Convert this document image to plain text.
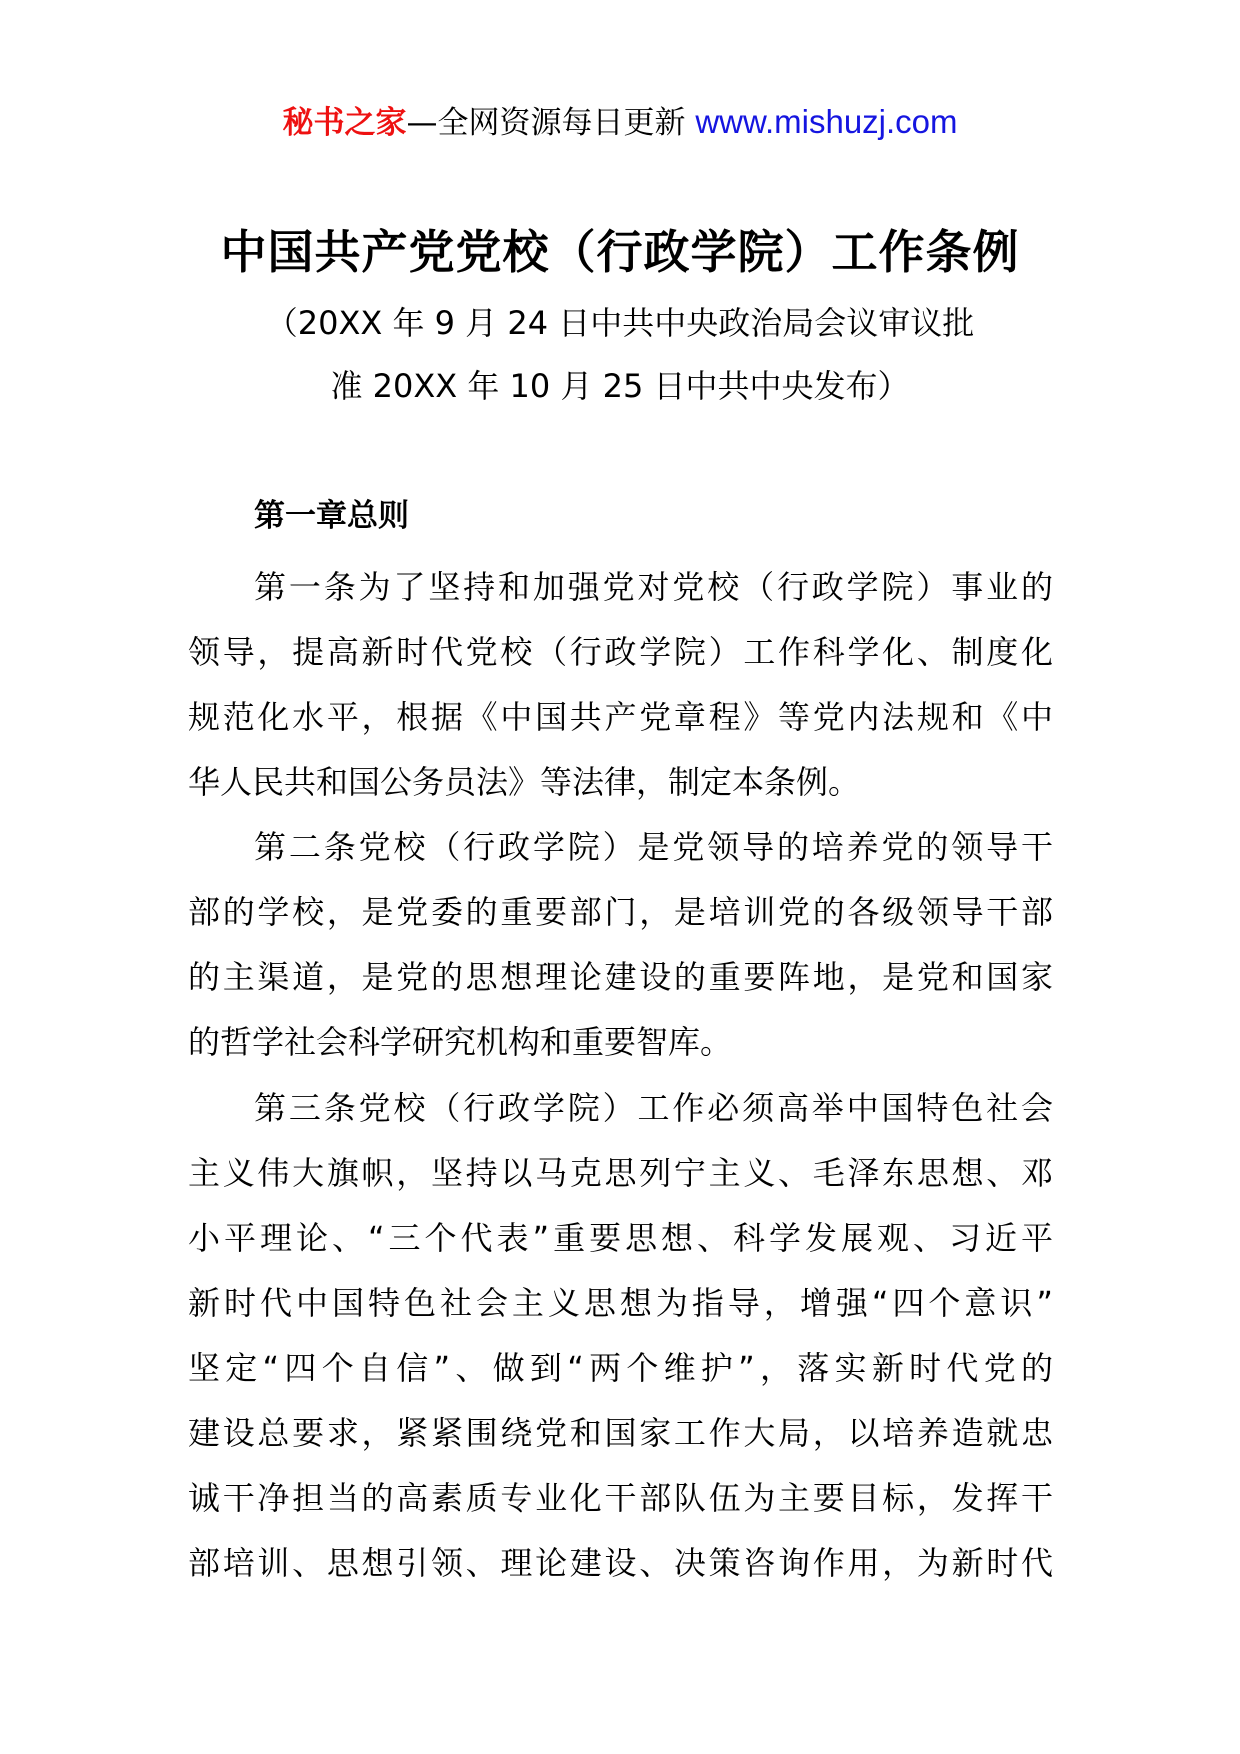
秘书之家—全网资源每日更新 www.mishuzj.com
中国共产党党校（行政学院）工作条例
（20XX 年 9 月 24 日中共中央政治局会议审议批
准 20XX 年 10 月 25 日中共中央发布）
第一章总则
第一条为了坚持和加强党对党校（行政学院）事业的
领导，提高新时代党校（行政学院）工作科学化、制度化
规范化水平，根据《中国共产党章程》等党内法规和《中
华人民共和国公务员法》等法律，制定本条例。
第二条党校（行政学院）是党领导的培养党的领导干
部的学校，是党委的重要部门，是培训党的各级领导干部
的主渠道，是党的思想理论建设的重要阵地，是党和国家
的哲学社会科学研究机构和重要智库。
第三条党校（行政学院）工作必须高举中国特色社会
主义伟大旗帜，坚持以马克思列宁主义、毛泽东思想、邓
小平理论、“三个代表”重要思想、科学发展观、习近平
新时代中国特色社会主义思想为指导，增强“四个意识”
坚定“四个自信”、做到“两个维护”，落实新时代党的
建设总要求，紧紧围绕党和国家工作大局，以培养造就忠
诚干净担当的高素质专业化干部队伍为主要目标，发挥干
部培训、思想引领、理论建设、决策咨询作用，为新时代
